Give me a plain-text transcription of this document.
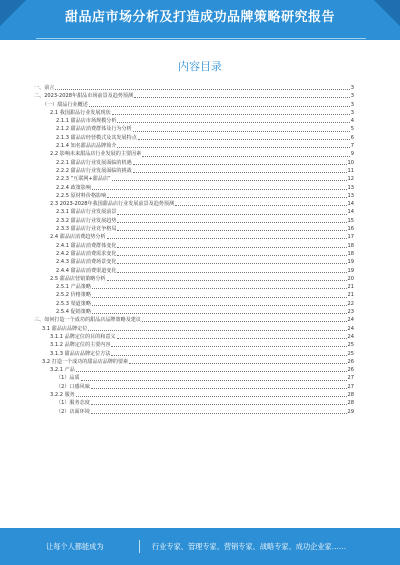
甜品店市场分析及打造成功品牌策略研究报告
内容目录
一、前言	3
二、2023-2028年甜品市场前景及趋势预测	3
（一）甜品行业概述	3
2.1 我国甜品行业发展现状	3
2.1.1 甜品店市场规模分析	4
2.1.2 甜品店消费群体及行为分析	5
2.1.3 甜品店经营模式及其发展特点	6
2.1.4 知名甜品店品牌简介	7
2.2 影响未来甜品店行业发展的主要因素	9
2.2.1 甜品店行业发展面临的机遇	10
2.2.2 甜品店行业发展面临的挑战	11
2.2.3 “互联网+甜品店”	12
2.2.4 政策影响	13
2.2.5 原材料价格影响	13
2.3 2023-2028年我国甜品店行业发展前景及趋势预测	14
2.3.1 甜品店行业发展前景	14
2.3.2 甜品店行业发展趋势	15
2.3.3 甜品店行业竞争格局	16
2.4 甜品店消费趋势分析	17
2.4.1 甜品店消费群体变化	18
2.4.2 甜品店消费需求变化	18
2.4.3 甜品店消费场景变化	19
2.4.4 甜品店消费渠道变化	19
2.5 甜品店营销策略分析	20
2.5.1 产品策略	21
2.5.2 价格策略	21
2.5.3 渠道策略	22
2.5.4 促销策略	23
三、如何打造一个成功的甜品店品牌策略及建议	24
3.1 甜品店品牌定位	24
3.1.1 品牌定位的目的和意义	24
3.1.2 品牌定位的主要内容	25
3.1.3 甜品店品牌定位方法	25
3.2 打造一个成功的甜品店品牌的要素	26
3.2.1 产品	26
（1）品质	27
（2）口感风味	27
3.2.2 服务	28
（1）服务态度	28
（2）店面环境	29
让每个人都能成为	行业专家、管理专家、营销专家、战略专家、成功企业家……
